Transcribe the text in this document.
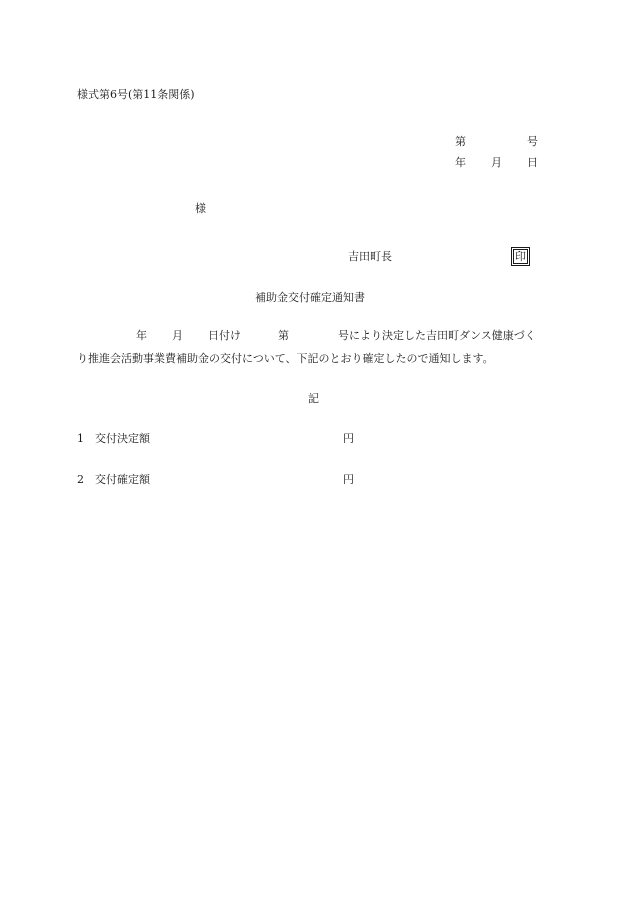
様式第6号(第11条関係)
第	号
年 月 日
様
吉田町長	印
補助金交付確定通知書
年 月 日付け	第	号により決定した吉田町ダンス健康づく
り推進会活動事業費補助金の交付について、下記のとおり確定したので通知します。
記
1 交付決定額	円
2 交付確定額	円
